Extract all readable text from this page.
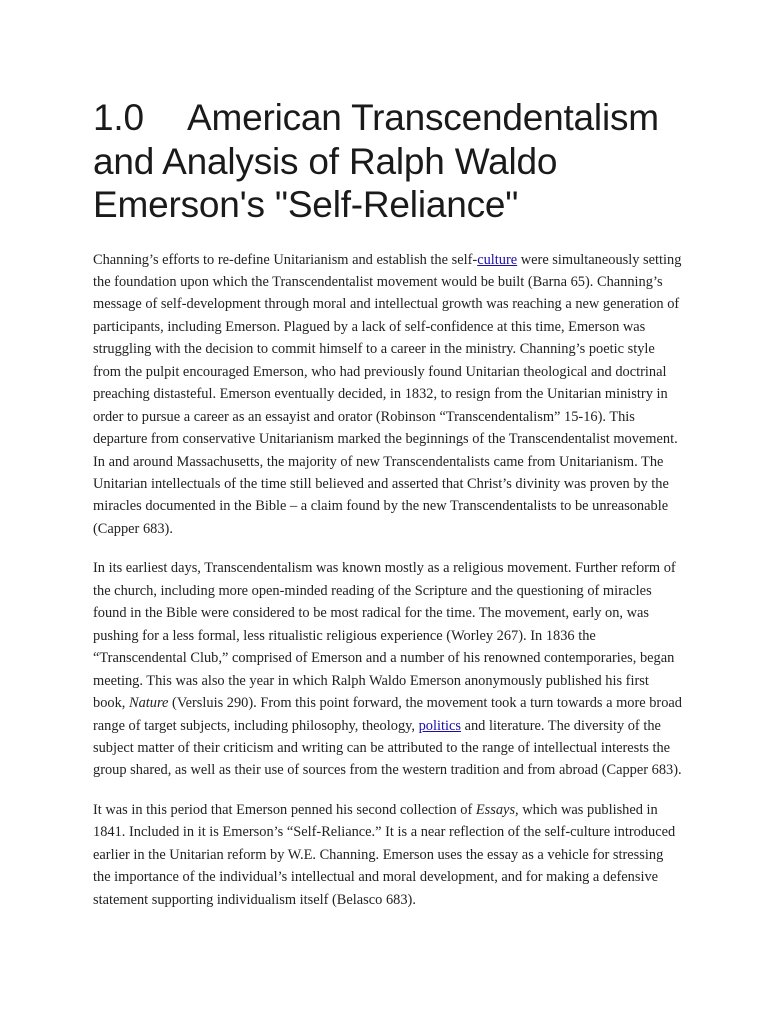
1.0 American Transcendentalism and Analysis of Ralph Waldo Emerson's "Self-Reliance"

Channing’s efforts to re-define Unitarianism and establish the self-culture were simultaneously setting the foundation upon which the Transcendentalist movement would be built (Barna 65). Channing’s message of self-development through moral and intellectual growth was reaching a new generation of participants, including Emerson. Plagued by a lack of self-confidence at this time, Emerson was struggling with the decision to commit himself to a career in the ministry. Channing’s poetic style from the pulpit encouraged Emerson, who had previously found Unitarian theological and doctrinal preaching distasteful. Emerson eventually decided, in 1832, to resign from the Unitarian ministry in order to pursue a career as an essayist and orator (Robinson “Transcendentalism” 15-16). This departure from conservative Unitarianism marked the beginnings of the Transcendentalist movement. In and around Massachusetts, the majority of new Transcendentalists came from Unitarianism. The Unitarian intellectuals of the time still believed and asserted that Christ’s divinity was proven by the miracles documented in the Bible – a claim found by the new Transcendentalists to be unreasonable (Capper 683).

In its earliest days, Transcendentalism was known mostly as a religious movement. Further reform of the church, including more open-minded reading of the Scripture and the questioning of miracles found in the Bible were considered to be most radical for the time. The movement, early on, was pushing for a less formal, less ritualistic religious experience (Worley 267). In 1836 the “Transcendental Club,” comprised of Emerson and a number of his renowned contemporaries, began meeting. This was also the year in which Ralph Waldo Emerson anonymously published his first book, Nature (Versluis 290). From this point forward, the movement took a turn towards a more broad range of target subjects, including philosophy, theology, politics and literature. The diversity of the subject matter of their criticism and writing can be attributed to the range of intellectual interests the group shared, as well as their use of sources from the western tradition and from abroad (Capper 683).

It was in this period that Emerson penned his second collection of Essays, which was published in 1841. Included in it is Emerson’s “Self-Reliance.” It is a near reflection of the self-culture introduced earlier in the Unitarian reform by W.E. Channing. Emerson uses the essay as a vehicle for stressing the importance of the individual’s intellectual and moral development, and for making a defensive statement supporting individualism itself (Belasco 683).
